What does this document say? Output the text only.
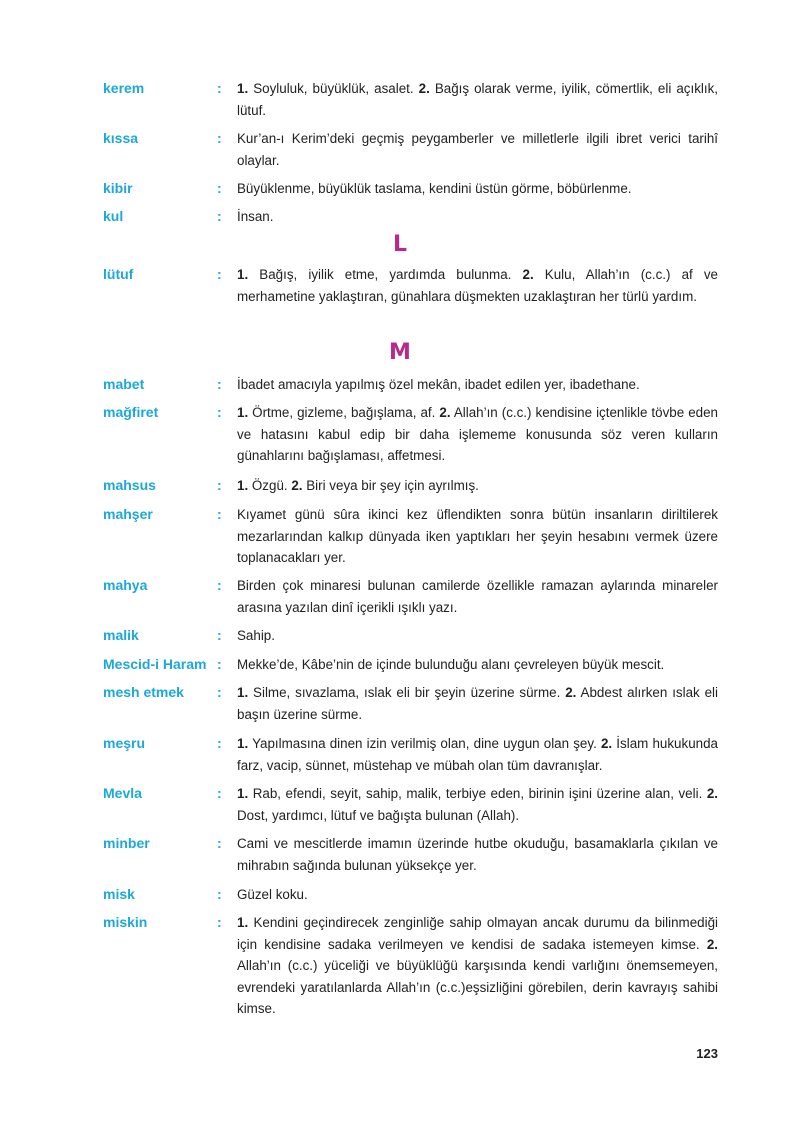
L
M
kerem	: 1. Soyluluk, büyüklük, asalet. 2. Bağış olarak verme, iyilik, cömertlik, eli açıklık, lütuf.

kıssa	: Kur’an-ı Kerim’deki geçmiş peygamberler ve milletlerle ilgili ibret verici tarihî olaylar.

kibir	: Büyüklenme, büyüklük taslama, kendini üstün görme, böbürlenme.

kul	: İnsan.

lütuf	: 1. Bağış, iyilik etme, yardımda bulunma. 2. Kulu, Allah’ın (c.c.) af ve merhametine yaklaştıran, günahlara düşmekten uzaklaştıran her türlü yardım.

mabet	: İbadet amacıyla yapılmış özel mekân, ibadet edilen yer, ibadethane.

mağfiret	: 1. Örtme, gizleme, bağışlama, af. 2. Allah’ın (c.c.) kendisine içtenlikle tövbe eden ve hatasını kabul edip bir daha işlememe konusunda söz veren kulların günahlarını bağışlaması, affetmesi.

mahsus	: 1. Özgü. 2. Biri veya bir şey için ayrılmış.

mahşer	: Kıyamet günü sûra ikinci kez üflendikten sonra bütün insanların diriltilerek mezarlarından kalkıp dünyada iken yaptıkları her şeyin hesabını vermek üzere toplanacakları yer.

mahya	: Birden çok minaresi bulunan camilerde özellikle ramazan aylarında minareler arasına yazılan dinî içerikli ışıklı yazı.

malik	: Sahip.

Mescid-i Haram : Mekke’de, Kâbe’nin de içinde bulunduğu alanı çevreleyen büyük mescit.

mesh etmek : 1. Silme, sıvazlama, ıslak eli bir şeyin üzerine sürme. 2. Abdest alırken ıslak eli başın üzerine sürme.

meşru	: 1. Yapılmasına dinen izin verilmiş olan, dine uygun olan şey. 2. İslam hukukunda farz, vacip, sünnet, müstehap ve mübah olan tüm davranışlar.

Mevla	: 1. Rab, efendi, seyit, sahip, malik, terbiye eden, birinin işini üzerine alan, veli. 2. Dost, yardımcı, lütuf ve bağışta bulunan (Allah).

minber	: Cami ve mescitlerde imamın üzerinde hutbe okuduğu, basamaklarla çıkılan ve mihrabın sağında bulunan yüksekçe yer.

misk	: Güzel koku.

miskin	: 1. Kendini geçindirecek zenginliğe sahip olmayan ancak durumu da bilinmediği için kendisine sadaka verilmeyen ve kendisi de sadaka istemeyen kimse. 2. Allah’ın (c.c.) yüceliği ve büyüklüğü karşısında kendi varlığını önemsemeyen, evrendeki yaratılanlarda Allah’ın (c.c.)eşsizliğini görebilen, derin kavrayış sahibi kimse.

123
